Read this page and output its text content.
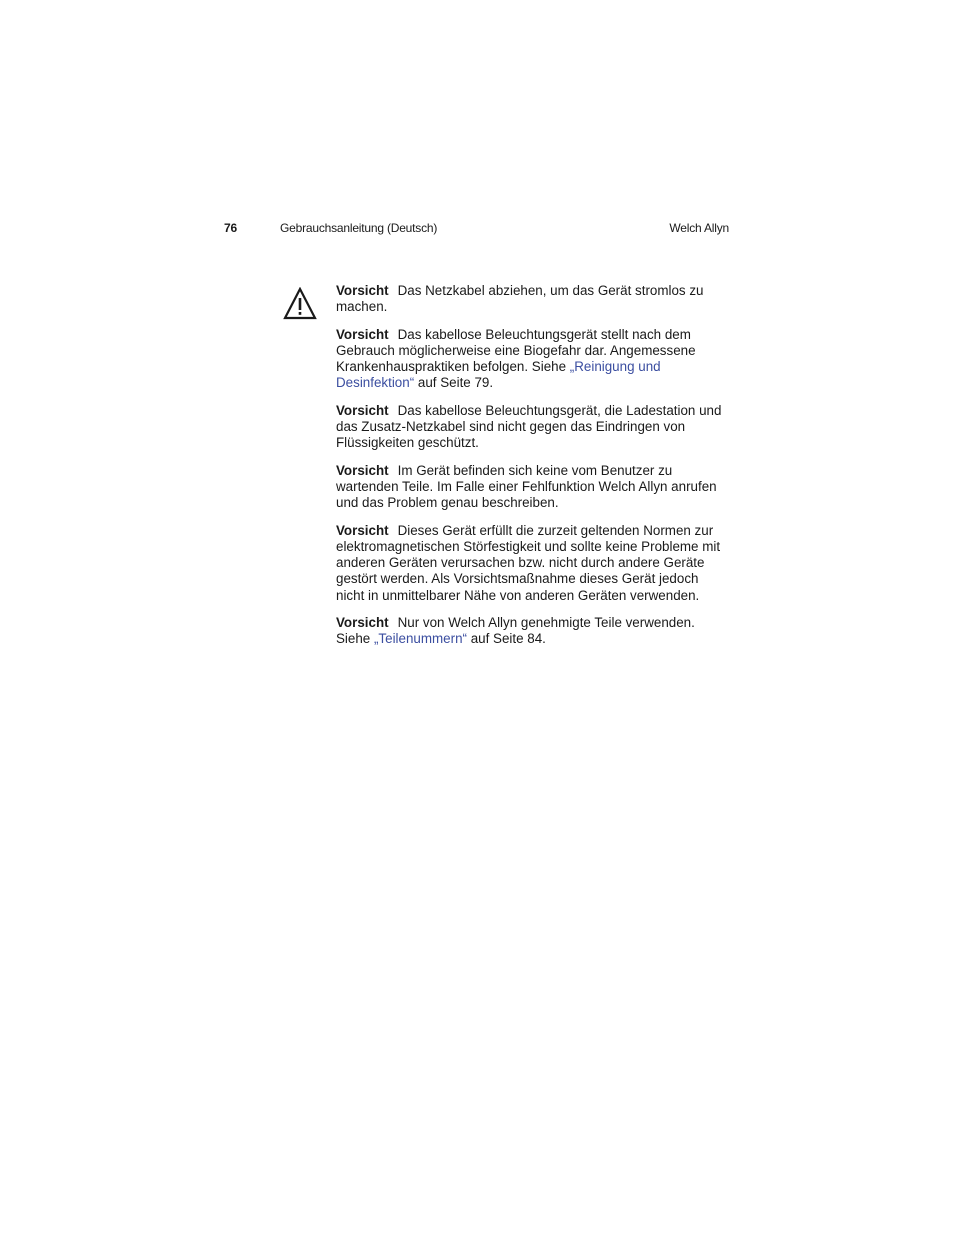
76	Gebrauchsanleitung (Deutsch)	Welch Allyn

Vorsicht Das Netzkabel abziehen, um das Gerät stromlos zu machen.

Vorsicht Das kabellose Beleuchtungsgerät stellt nach dem Gebrauch möglicherweise eine Biogefahr dar. Angemessene Krankenhauspraktiken befolgen. Siehe „Reinigung und Desinfektion“ auf Seite 79.

Vorsicht Das kabellose Beleuchtungsgerät, die Ladestation und das Zusatz-Netzkabel sind nicht gegen das Eindringen von Flüssigkeiten geschützt.

Vorsicht Im Gerät befinden sich keine vom Benutzer zu wartenden Teile. Im Falle einer Fehlfunktion Welch Allyn anrufen und das Problem genau beschreiben.

Vorsicht Dieses Gerät erfüllt die zurzeit geltenden Normen zur elektromagnetischen Störfestigkeit und sollte keine Probleme mit anderen Geräten verursachen bzw. nicht durch andere Geräte gestört werden. Als Vorsichtsmaßnahme dieses Gerät jedoch nicht in unmittelbarer Nähe von anderen Geräten verwenden.

Vorsicht Nur von Welch Allyn genehmigte Teile verwenden. Siehe „Teilenummern“ auf Seite 84.
